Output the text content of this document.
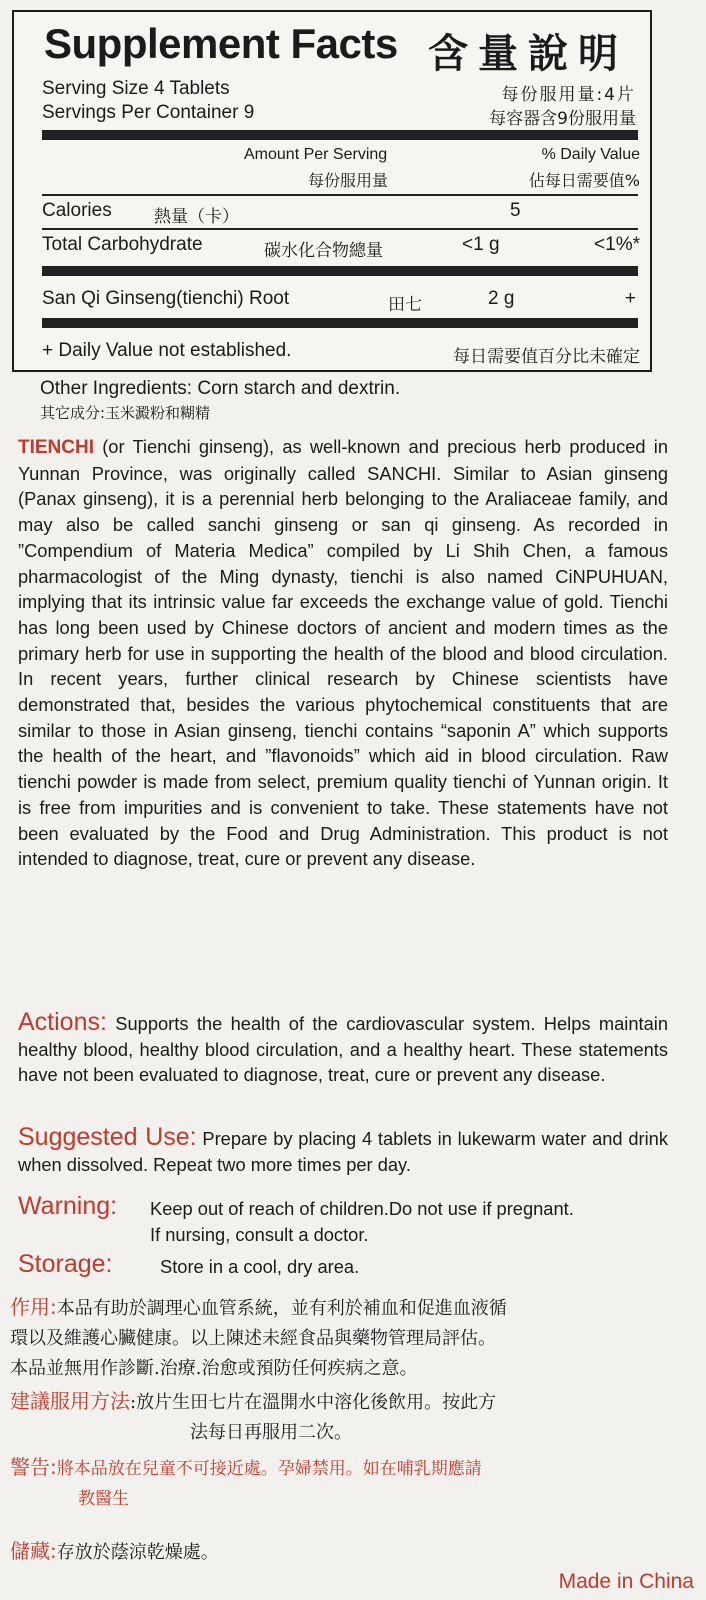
Supplement Facts 含量說明
Serving Size 4 Tablets
Servings Per Container 9
每份服用量:4片
每容器含9份服用量
Amount Per Serving
每份服用量
% Daily Value
佔每日需要值%
Calories 熱量（卡）	5
Total Carbohydrate	碳水化合物總量	<1 g	<1%*
San Qi Ginseng(tienchi) Root	田七	2 g	+
+ Daily Value not established.	每日需要值百分比未確定
Other Ingredients: Corn starch and dextrin.
其它成分:玉米澱粉和糊精

TIENCHI (or Tienchi ginseng), as well-known and precious herb produced in Yunnan Province, was originally called SANCHI. Similar to Asian ginseng (Panax ginseng), it is a perennial herb belonging to the Araliaceae family, and may also be called sanchi ginseng or san qi ginseng. As recorded in ”Compendium of Materia Medica” compiled by Li Shih Chen, a famous pharmacologist of the Ming dynasty, tienchi is also named CiNPUHUAN, implying that its intrinsic value far exceeds the exchange value of gold. Tienchi has long been used by Chinese doctors of ancient and modern times as the primary herb for use in supporting the health of the blood and blood circulation. In recent years, further clinical research by Chinese scientists have demonstrated that, besides the various phytochemical constituents that are similar to those in Asian ginseng, tienchi contains “saponin A” which supports the health of the heart, and ”flavonoids” which aid in blood circulation. Raw tienchi powder is made from select, premium quality tienchi of Yunnan origin. It is free from impurities and is convenient to take. These statements have not been evaluated by the Food and Drug Administration. This product is not intended to diagnose, treat, cure or prevent any disease.

Actions: Supports the health of the cardiovascular system. Helps maintain healthy blood, healthy blood circulation, and a healthy heart. These statements have not been evaluated to diagnose, treat, cure or prevent any disease.

Suggested Use: Prepare by placing 4 tablets in lukewarm water and drink when dissolved. Repeat two more times per day.

Warning: Keep out of reach of children.Do not use if pregnant.
If nursing, consult a doctor.
Storage:	Store in a cool, dry area.
作用:本品有助於調理心血管系統，並有利於補血和促進血液循
環以及維護心臟健康。以上陳述未經食品與藥物管理局評估。
本品並無用作診斷.治療.治愈或預防任何疾病之意。
建議服用方法:放片生田七片在溫開水中溶化後飲用。按此方
法每日再服用二次。
警告:將本品放在兒童不可接近處。孕婦禁用。如在哺乳期應請
教醫生
儲藏:存放於蔭涼乾燥處。
Made in China
